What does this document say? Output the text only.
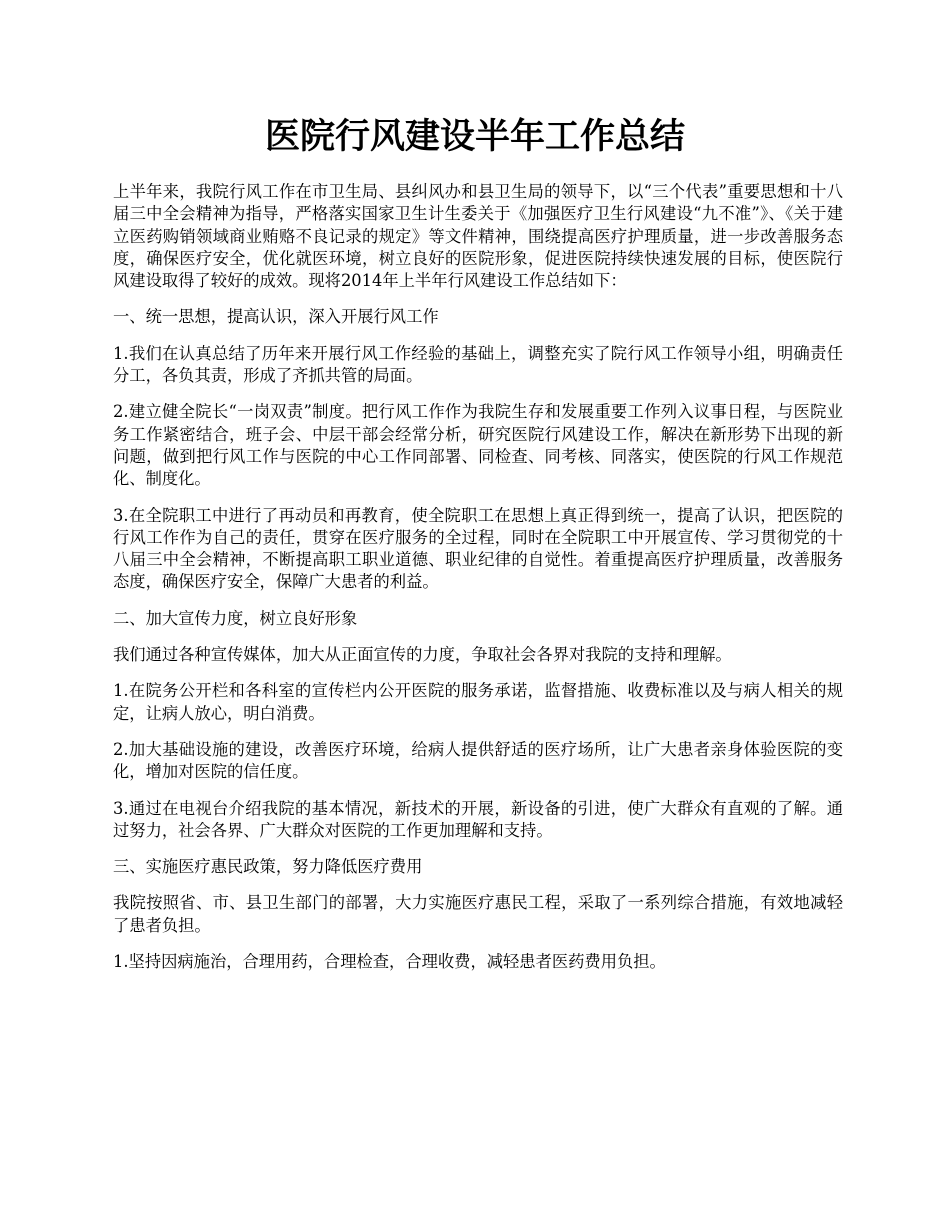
医院行风建设半年工作总结

上半年来，我院行风工作在市卫生局、县纠风办和县卫生局的领导下，以“三个代表”重要思想和十八届三中全会精神为指导，严格落实国家卫生计生委关于《加强医疗卫生行风建设“九不准”》、《关于建立医药购销领域商业贿赂不良记录的规定》等文件精神，围绕提高医疗护理质量，进一步改善服务态度，确保医疗安全，优化就医环境，树立良好的医院形象，促进医院持续快速发展的目标，使医院行风建设取得了较好的成效。现将2014年上半年行风建设工作总结如下：

一、统一思想，提高认识，深入开展行风工作

1.我们在认真总结了历年来开展行风工作经验的基础上，调整充实了院行风工作领导小组，明确责任分工，各负其责，形成了齐抓共管的局面。

2.建立健全院长“一岗双责”制度。把行风工作作为我院生存和发展重要工作列入议事日程，与医院业务工作紧密结合，班子会、中层干部会经常分析，研究医院行风建设工作，解决在新形势下出现的新问题，做到把行风工作与医院的中心工作同部署、同检查、同考核、同落实，使医院的行风工作规范化、制度化。

3.在全院职工中进行了再动员和再教育，使全院职工在思想上真正得到统一，提高了认识，把医院的行风工作作为自己的责任，贯穿在医疗服务的全过程，同时在全院职工中开展宣传、学习贯彻党的十八届三中全会精神，不断提高职工职业道德、职业纪律的自觉性。着重提高医疗护理质量，改善服务态度，确保医疗安全，保障广大患者的利益。

二、加大宣传力度，树立良好形象

我们通过各种宣传媒体，加大从正面宣传的力度，争取社会各界对我院的支持和理解。

1.在院务公开栏和各科室的宣传栏内公开医院的服务承诺，监督措施、收费标准以及与病人相关的规定，让病人放心，明白消费。

2.加大基础设施的建设，改善医疗环境，给病人提供舒适的医疗场所，让广大患者亲身体验医院的变化，增加对医院的信任度。

3.通过在电视台介绍我院的基本情况，新技术的开展，新设备的引进，使广大群众有直观的了解。通过努力，社会各界、广大群众对医院的工作更加理解和支持。

三、实施医疗惠民政策，努力降低医疗费用

我院按照省、市、县卫生部门的部署，大力实施医疗惠民工程，采取了一系列综合措施，有效地减轻了患者负担。

1.坚持因病施治，合理用药，合理检查，合理收费，减轻患者医药费用负担。
